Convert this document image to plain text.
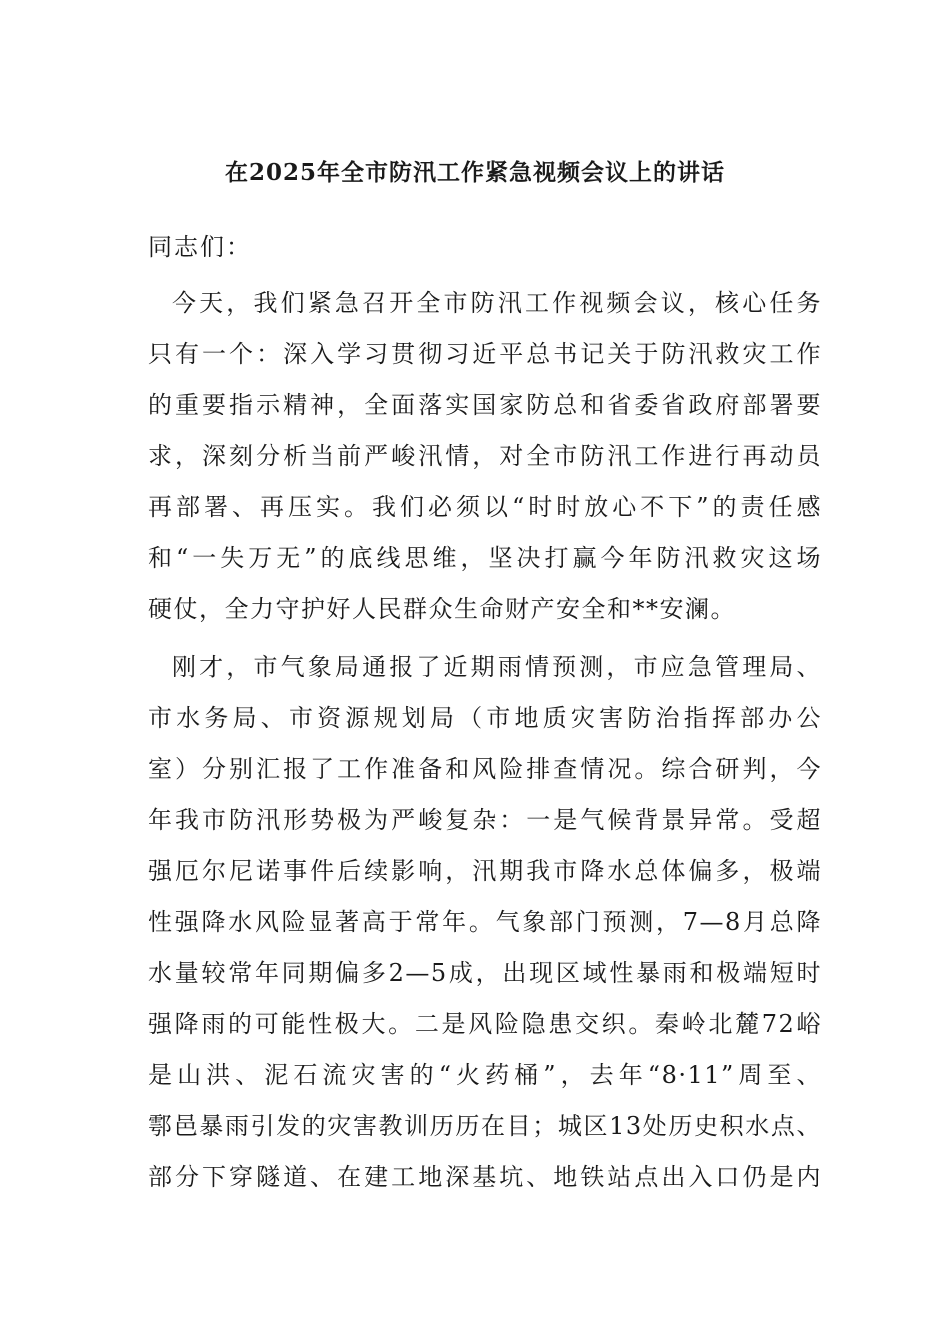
在2025年全市防汛工作紧急视频会议上的讲话
同志们：
今天，我们紧急召开全市防汛工作视频会议，核心任务
只有一个：深入学习贯彻习近平总书记关于防汛救灾工作
的重要指示精神，全面落实国家防总和省委省政府部署要
求，深刻分析当前严峻汛情，对全市防汛工作进行再动员
再部署、再压实。我们必须以“时时放心不下”的责任感
和“一失万无”的底线思维，坚决打赢今年防汛救灾这场
硬仗，全力守护好人民群众生命财产安全和**安澜。
刚才，市气象局通报了近期雨情预测，市应急管理局、
市水务局、市资源规划局（市地质灾害防治指挥部办公
室）分别汇报了工作准备和风险排查情况。综合研判，今
年我市防汛形势极为严峻复杂：一是气候背景异常。受超
强厄尔尼诺事件后续影响，汛期我市降水总体偏多，极端
性强降水风险显著高于常年。气象部门预测，7—8月总降
水量较常年同期偏多2—5成，出现区域性暴雨和极端短时
强降雨的可能性极大。二是风险隐患交织。秦岭北麓72峪
是山洪、泥石流灾害的“火药桶”，去年“8·11”周至、
鄠邑暴雨引发的灾害教训历历在目；城区13处历史积水点、
部分下穿隧道、在建工地深基坑、地铁站点出入口仍是内
